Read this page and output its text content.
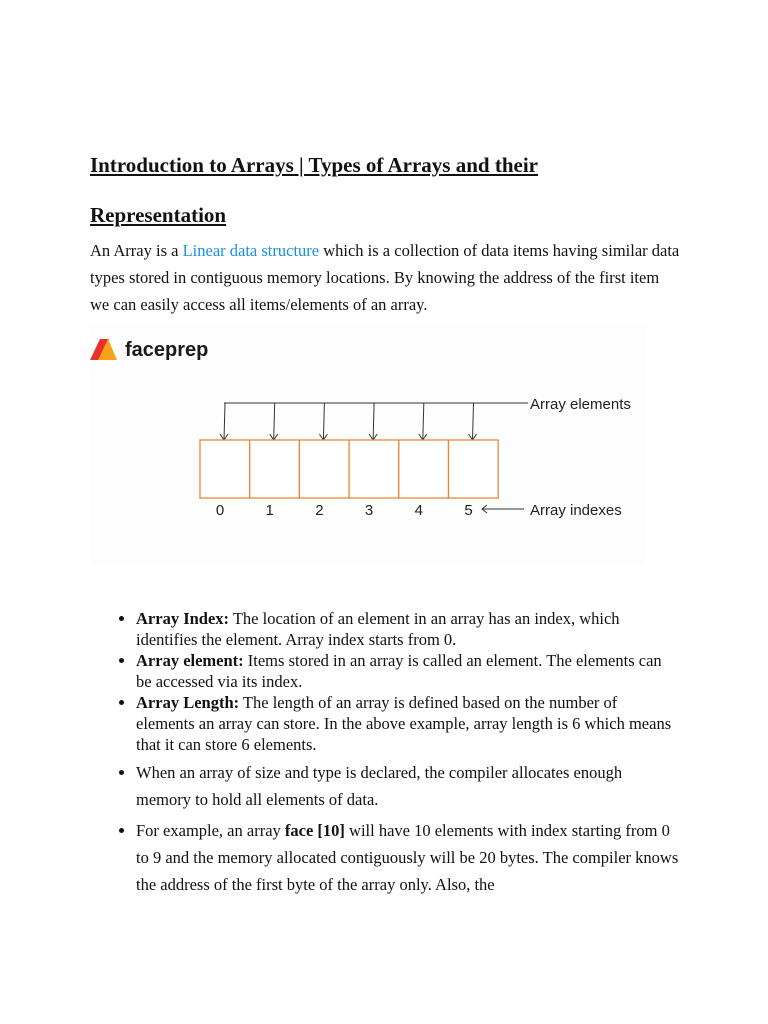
Introduction to Arrays | Types of Arrays and their Representation

An Array is a Linear data structure which is a collection of data items having similar data types stored in contiguous memory locations. By knowing the address of the first item we can easily access all items/elements of an array.

faceprep
Array elements
0	1	2	3	4	5	Array indexes
• Array Index: The location of an element in an array has an index, which identifies the element. Array index starts from 0.
• Array element: Items stored in an array is called an element. The elements can be accessed via its index.
• Array Length: The length of an array is defined based on the number of elements an array can store. In the above example, array length is 6 which means that it can store 6 elements.
• When an array of size and type is declared, the compiler allocates enough memory to hold all elements of data.
• For example, an array face [10] will have 10 elements with index starting from 0 to 9 and the memory allocated contiguously will be 20 bytes. The compiler knows the address of the first byte of the array only. Also, the
